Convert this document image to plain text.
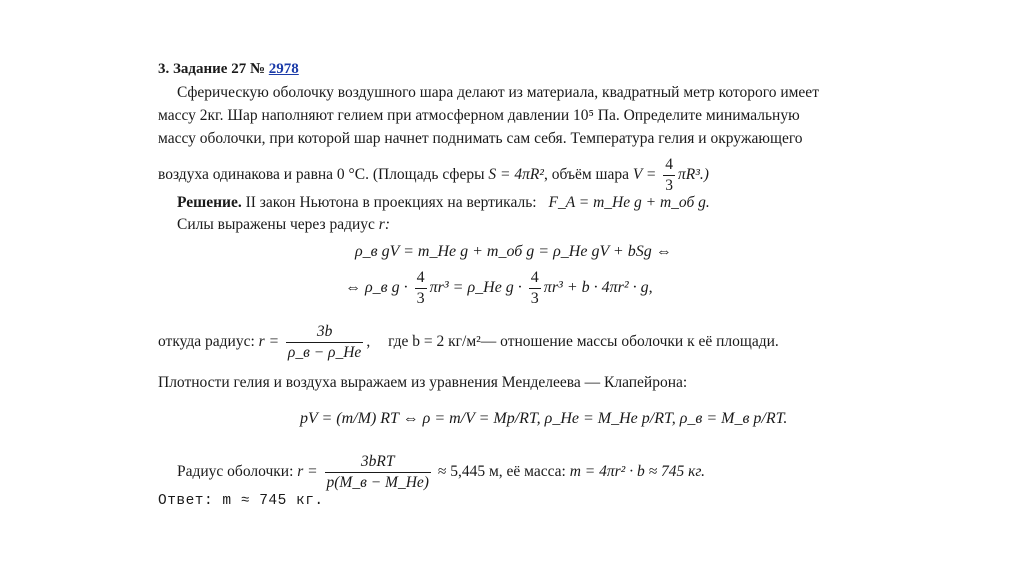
3. Задание 27 № 2978
Сферическую оболочку воздушного шара делают из материала, квадратный метр которого имеет
массу 2кг. Шар наполняют гелием при атмосферном давлении 10⁵ Па. Определите минимальную
массу оболочки, при которой шар начнет поднимать сам себя. Температура гелия и окружающего
воздуха одинакова и равна 0 °С. (Площадь сферы S = 4πR², объём шара $V = \frac{4}{3} \pi R^3$.)
Решение. II закон Ньютона в проекциях на вертикаль: F_A = m_He g + m_об g.
Силы выражены через радиус r:
ρ_в gV = m_He g + m_об g = ρ_He gV + bSg ⇔
⇔ ρ_в $g \cdot \frac{4}{3} \pi r^3$ = ρ_He $g \cdot \frac{4}{3} \pi r^3 + b \cdot 4\pi r^2 \cdot g$,
откуда радиус: $r = \frac{3b}{\rho\_в - \rho\_He}$ , где b = 2 кг/м²— отношение массы оболочки к её площади.
Плотности гелия и воздуха выражаем из уравнения Менделеева — Клапейрона:
pV = (m/M) RT ⇔ ρ = m/V = Mp/RT, ρ_He = M_He p/RT, ρ_в = M_в p/RT.
Радиус оболочки: $r = \frac{\text{3bRT}}{p(M\_в - M\_He)} \approx 5,445$ м, её масса: m = 4πr² · b ≈ 745 кг.
Ответ: m ≈ 745 кг.
